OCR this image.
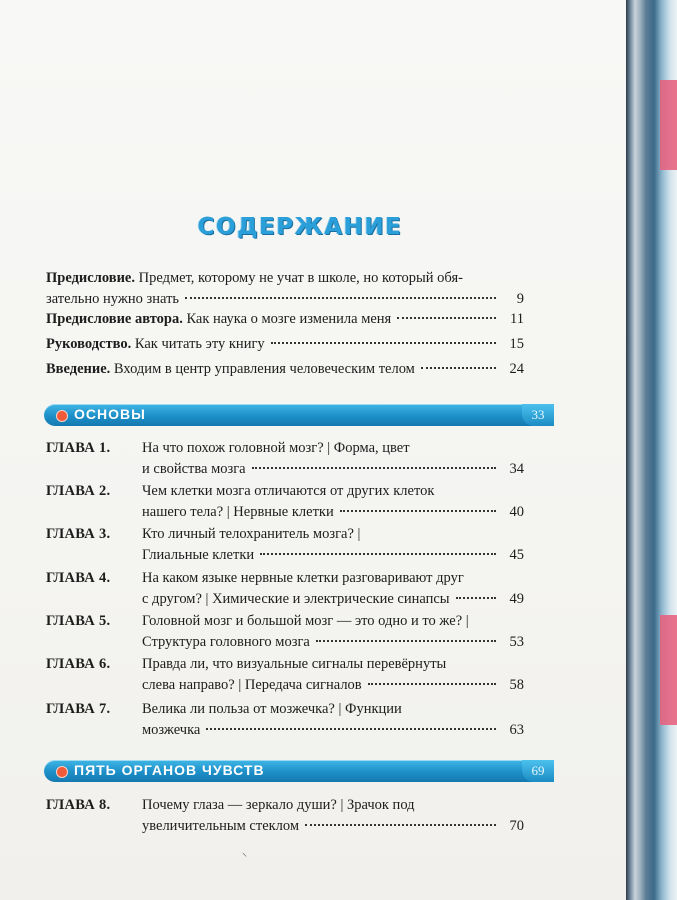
СОДЕРЖАНИЕ
Предисловие. Предмет, которому не учат в школе, но который обя-
зательно нужно знать	9
Предисловие автора. Как наука о мозге изменила меня	11
Руководство. Как читать эту книгу	15
Введение. Входим в центр управления человеческим телом	24
ОСНОВЫ	33
ГЛАВА 1. На что похож головной мозг? | Форма, цвет
и свойства мозга	34
ГЛАВА 2. Чем клетки мозга отличаются от других клеток
нашего тела? | Нервные клетки	40
ГЛАВА 3. Кто личный телохранитель мозга? |
Глиальные клетки	45
ГЛАВА 4. На каком языке нервные клетки разговаривают друг
с другом? | Химические и электрические синапсы	49
ГЛАВА 5. Головной мозг и большой мозг — это одно и то же? |
Структура головного мозга	53
ГЛАВА 6. Правда ли, что визуальные сигналы перевёрнуты
слева направо? | Передача сигналов	58
ГЛАВА 7. Велика ли польза от мозжечка? | Функции
мозжечка	63
ПЯТЬ ОРГАНОВ ЧУВСТВ	69
ГЛАВА 8. Почему глаза — зеркало души? | Зрачок под
увеличительным стеклом	70
⸌
